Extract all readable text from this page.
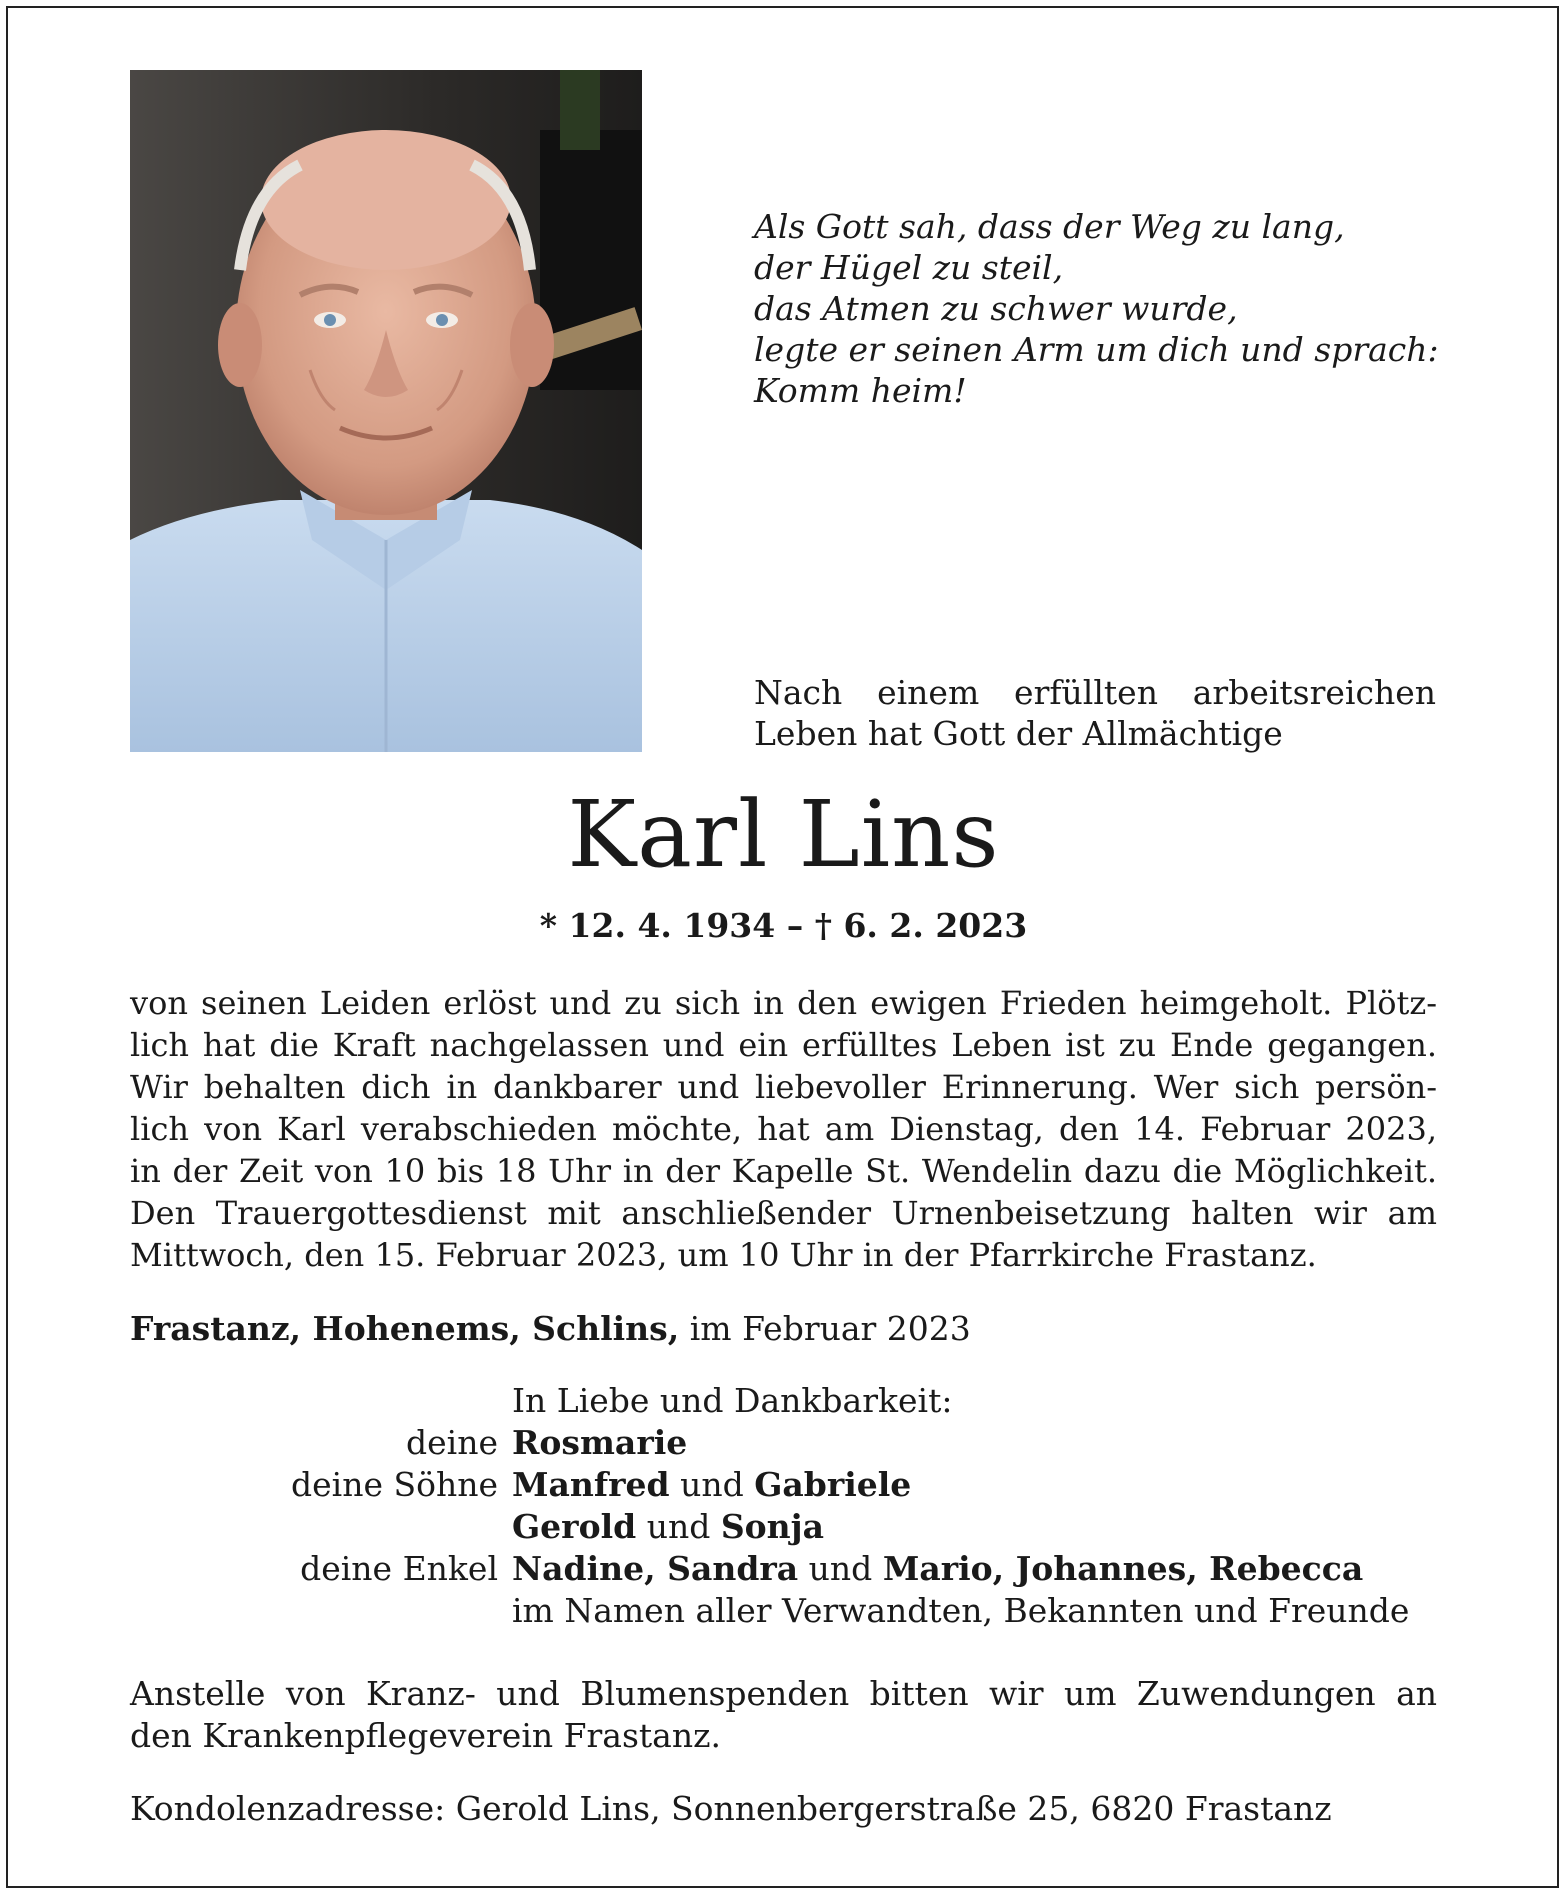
Als Gott sah, dass der Weg zu lang,
der Hügel zu steil,
das Atmen zu schwer wurde,
legte er seinen Arm um dich und sprach:
Komm heim!
Nach einem erfüllten arbeitsreichen
Leben hat Gott der Allmächtige
Karl Lins
* 12. 4. 1934 – † 6. 2. 2023
von seinen Leiden erlöst und zu sich in den ewigen Frieden heimgeholt. Plötz-
lich hat die Kraft nachgelassen und ein erfülltes Leben ist zu Ende gegangen.
Wir behalten dich in dankbarer und liebevoller Erinnerung. Wer sich persön-
lich von Karl verabschieden möchte, hat am Dienstag, den 14. Februar 2023,
in der Zeit von 10 bis 18 Uhr in der Kapelle St. Wendelin dazu die Möglichkeit.
Den Trauergottesdienst mit anschließender Urnenbeisetzung halten wir am
Mittwoch, den 15. Februar 2023, um 10 Uhr in der Pfarrkirche Frastanz.
Frastanz, Hohenems, Schlins, im Februar 2023
In Liebe und Dankbarkeit:
deine Rosmarie
deine Söhne Manfred und Gabriele
Gerold und Sonja
deine Enkel Nadine, Sandra und Mario, Johannes, Rebecca
im Namen aller Verwandten, Bekannten und Freunde
Anstelle von Kranz- und Blumenspenden bitten wir um Zuwendungen an
den Krankenpflegeverein Frastanz.
Kondolenzadresse: Gerold Lins, Sonnenbergerstraße 25, 6820 Frastanz
